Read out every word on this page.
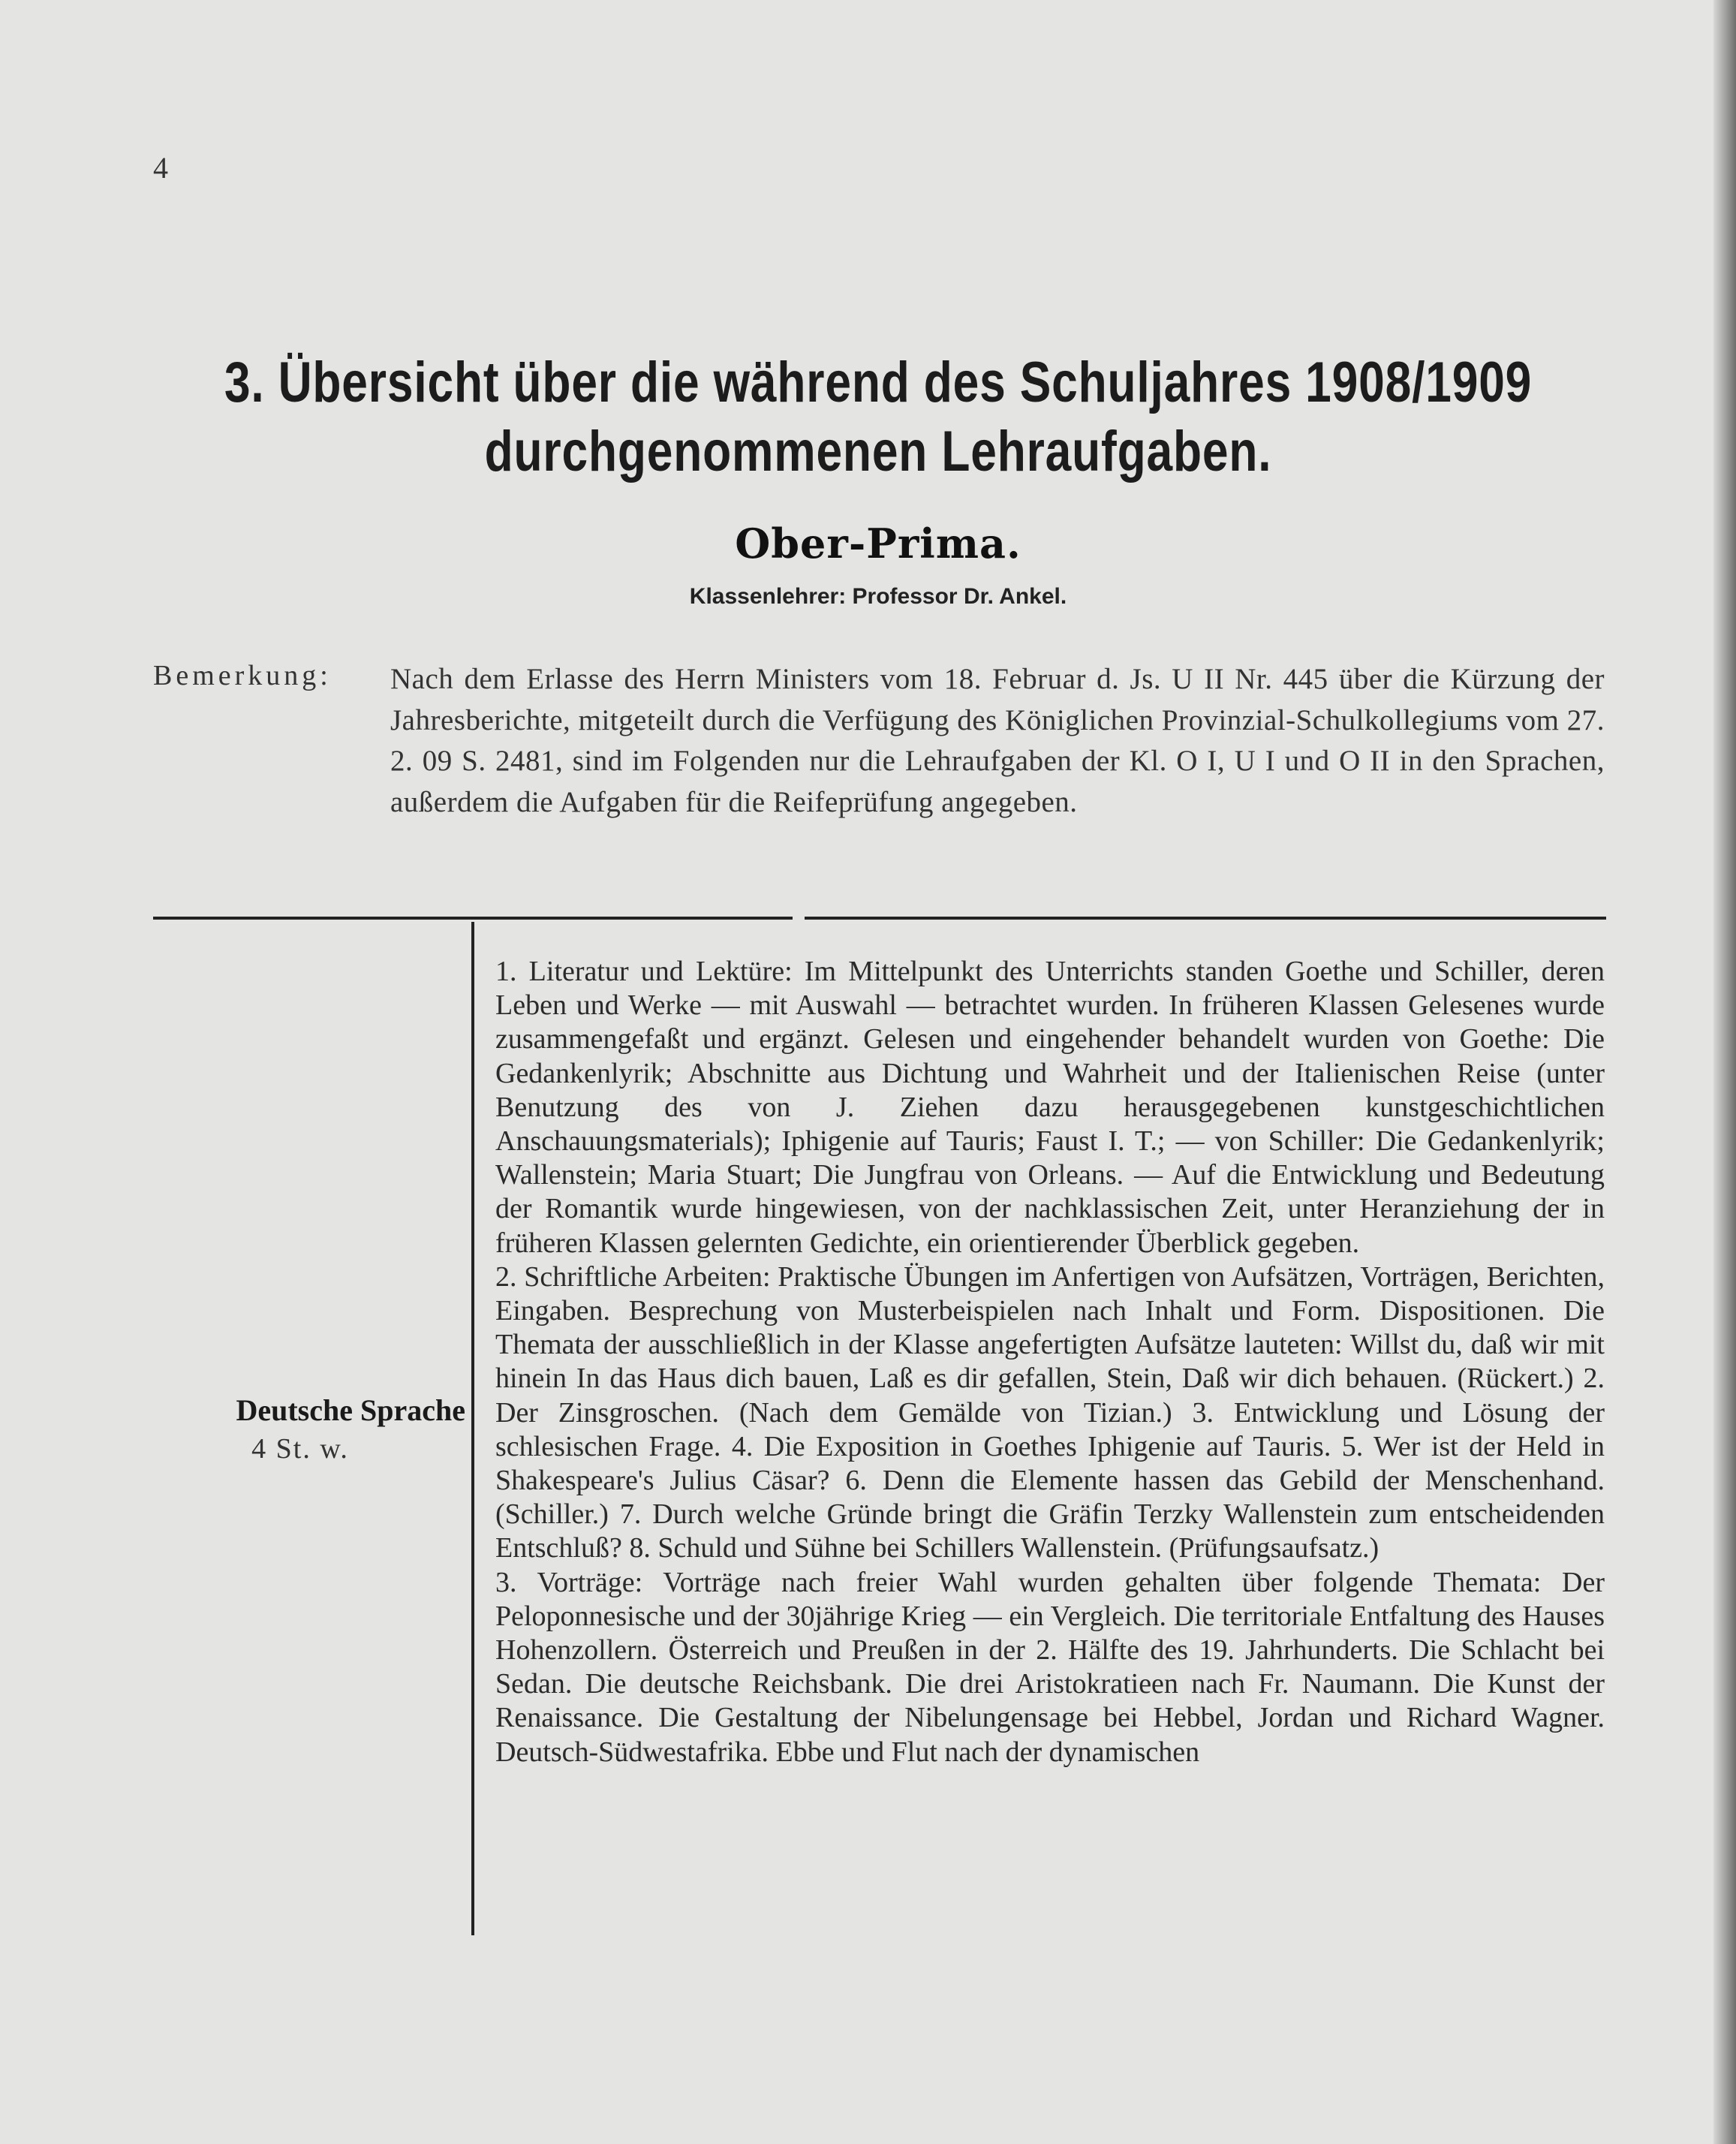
4
3. Übersicht über die während des Schuljahres 1908/1909
durchgenommenen Lehraufgaben.
Ober-Prima.
Klassenlehrer: Professor Dr. Ankel.
Bemerkung: Nach dem Erlasse des Herrn Ministers vom 18. Februar d. Js. U II Nr. 445 über die Kürzung der Jahresberichte, mitgeteilt durch die Verfügung des Königlichen Provinzial-Schulkollegiums vom 27. 2. 09 S. 2481, sind im Folgenden nur die Lehraufgaben der Kl. O I, U I und O II in den Sprachen, außerdem die Aufgaben für die Reifeprüfung angegeben.
Deutsche Sprache
4 St. w.

1. Literatur und Lektüre: Im Mittelpunkt des Unterrichts standen Goethe und Schiller, deren Leben und Werke — mit Auswahl — betrachtet wurden. In früheren Klassen Gelesenes wurde zusammengefaßt und ergänzt. Gelesen und eingehender behandelt wurden von Goethe: Die Gedankenlyrik; Abschnitte aus Dichtung und Wahrheit und der Italienischen Reise (unter Benutzung des von J. Ziehen dazu herausgegebenen kunstgeschichtlichen Anschauungsmaterials); Iphigenie auf Tauris; Faust I. T.; — von Schiller: Die Gedankenlyrik; Wallenstein; Maria Stuart; Die Jungfrau von Orleans. — Auf die Entwicklung und Bedeutung der Romantik wurde hingewiesen, von der nachklassischen Zeit, unter Heranziehung der in früheren Klassen gelernten Gedichte, ein orientierender Überblick gegeben.

2. Schriftliche Arbeiten: Praktische Übungen im Anfertigen von Aufsätzen, Vorträgen, Berichten, Eingaben. Besprechung von Musterbeispielen nach Inhalt und Form. Dispositionen. Die Themata der ausschließlich in der Klasse angefertigten Aufsätze lauteten: Willst du, daß wir mit hinein In das Haus dich bauen, Laß es dir gefallen, Stein, Daß wir dich behauen. (Rückert.) 2. Der Zinsgroschen. (Nach dem Gemälde von Tizian.) 3. Entwicklung und Lösung der schlesischen Frage. 4. Die Exposition in Goethes Iphigenie auf Tauris. 5. Wer ist der Held in Shakespeare's Julius Cäsar? 6. Denn die Elemente hassen das Gebild der Menschenhand. (Schiller.) 7. Durch welche Gründe bringt die Gräfin Terzky Wallenstein zum entscheidenden Entschluß? 8. Schuld und Sühne bei Schillers Wallenstein. (Prüfungsaufsatz.)

3. Vorträge: Vorträge nach freier Wahl wurden gehalten über folgende Themata: Der Peloponnesische und der 30jährige Krieg — ein Vergleich. Die territoriale Entfaltung des Hauses Hohenzollern. Österreich und Preußen in der 2. Hälfte des 19. Jahrhunderts. Die Schlacht bei Sedan. Die deutsche Reichsbank. Die drei Aristokratieen nach Fr. Naumann. Die Kunst der Renaissance. Die Gestaltung der Nibelungensage bei Hebbel, Jordan und Richard Wagner. Deutsch-Südwestafrika. Ebbe und Flut nach der dynamischen
